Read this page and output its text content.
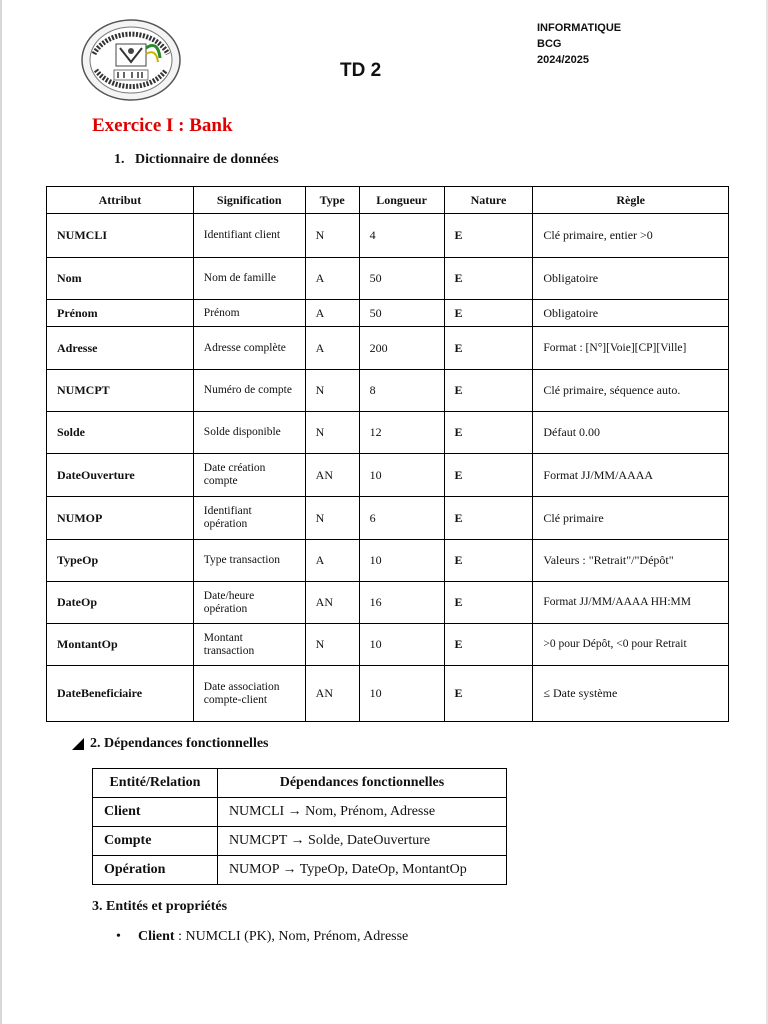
INFORMATIQUE
BCG
2024/2025
TD 2
Exercice I : Bank
1.   Dictionnaire de données
Attribut	Signification	Type	Longueur	Nature	Règle
NUMCLI	Identifiant client	N	4	E	Clé primaire, entier >0
Nom	Nom de famille	A	50	E	Obligatoire
Prénom	Prénom	A	50	E	Obligatoire
Adresse	Adresse complète	A	200	E	Format : [N°][Voie][CP][Ville]
NUMCPT	Numéro de compte	N	8	E	Clé primaire, séquence auto.
Solde	Solde disponible	N	12	E	Défaut 0.00
DateOuverture	Date création compte	AN	10	E	Format JJ/MM/AAAA
NUMOP	Identifiant opération	N	6	E	Clé primaire
TypeOp	Type transaction	A	10	E	Valeurs : "Retrait"/"Dépôt"
DateOp	Date/heure opération	AN	16	E	Format JJ/MM/AAAA HH:MM
MontantOp	Montant transaction	N	10	E	>0 pour Dépôt, <0 pour Retrait
DateBeneficiaire	Date association compte-client	AN	10	E	≤ Date système
2. Dépendances fonctionnelles
Entité/Relation	Dépendances fonctionnelles
Client	NUMCLI → Nom, Prénom, Adresse
Compte	NUMCPT → Solde, DateOuverture
Opération	NUMOP → TypeOp, DateOp, MontantOp
3. Entités et propriétés
• Client : NUMCLI (PK), Nom, Prénom, Adresse
